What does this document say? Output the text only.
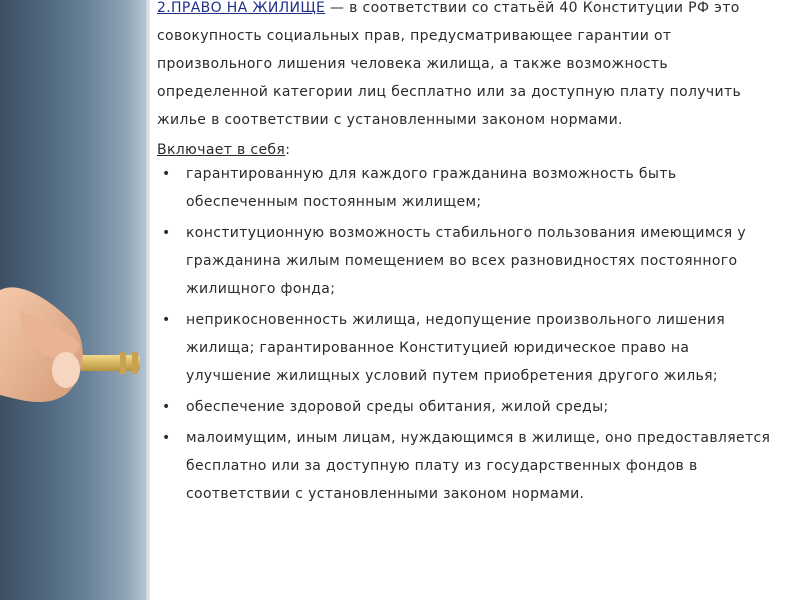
2.ПРАВО НА ЖИЛИЩЕ — в соответствии со статьёй 40 Конституции РФ это совокупность социальных прав, предусматривающее гарантии от произвольного лишения человека жилища, а также возможность определенной категории лиц бесплатно или за доступную плату получить жилье в соответствии с установленными законом нормами.

Включает в себя:

• гарантированную для каждого гражданина возможность быть обеспеченным постоянным жилищем;
• конституционную возможность стабильного пользования имеющимся у гражданина жилым помещением во всех разновидностях постоянного жилищного фонда;
• неприкосновенность жилища, недопущение произвольного лишения жилища; гарантированное Конституцией юридическое право на улучшение жилищных условий путем приобретения другого жилья;
• обеспечение здоровой среды обитания, жилой среды;
• малоимущим, иным лицам, нуждающимся в жилище, оно предоставляется бесплатно или за доступную плату из государственных фондов в соответствии с установленными законом нормами.
